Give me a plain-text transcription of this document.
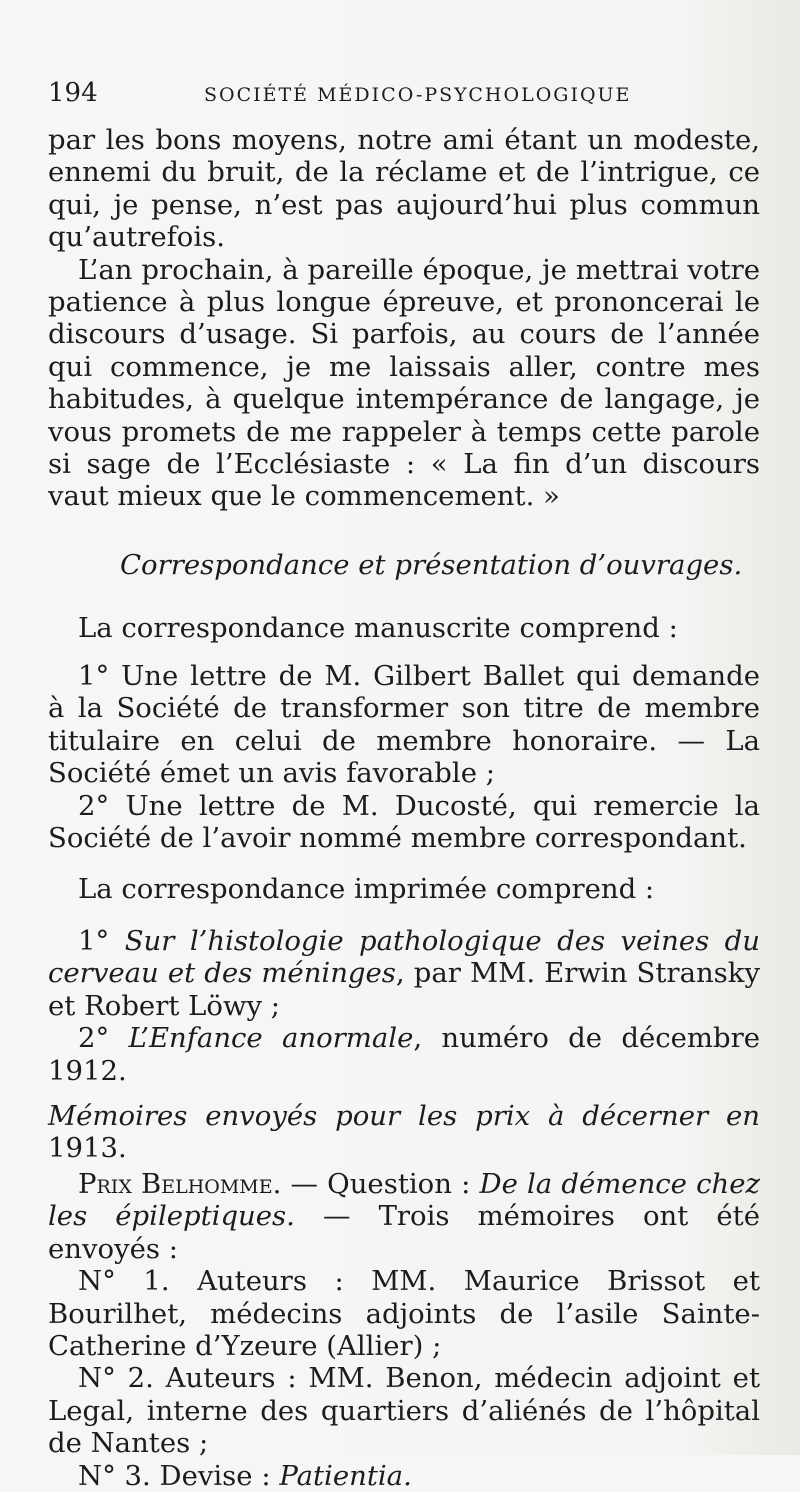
194	SOCIÉTÉ MÉDICO-PSYCHOLOGIQUE

par les bons moyens, notre ami étant un modeste, ennemi du bruit, de la réclame et de l’intrigue, ce qui, je pense, n’est pas aujourd’hui plus commun qu’autrefois.

L’an prochain, à pareille époque, je mettrai votre patience à plus longue épreuve, et prononcerai le discours d’usage. Si parfois, au cours de l’année qui commence, je me laissais aller, contre mes habitudes, à quelque intempérance de langage, je vous promets de me rappeler à temps cette parole si sage de l’Ecclésiaste : « La fin d’un discours vaut mieux que le commencement. »

Correspondance et présentation d’ouvrages.

La correspondance manuscrite comprend :

1° Une lettre de M. Gilbert Ballet qui demande à la Société de transformer son titre de membre titulaire en celui de membre honoraire. — La Société émet un avis favorable ;

2° Une lettre de M. Ducosté, qui remercie la Société de l’avoir nommé membre correspondant.

La correspondance imprimée comprend :

1° Sur l’histologie pathologique des veines du cerveau et des méninges, par MM. Erwin Stransky et Robert Löwy ;

2° L’Enfance anormale, numéro de décembre 1912.

Mémoires envoyés pour les prix à décerner en 1913.

Prix Belhomme. — Question : De la démence chez les épileptiques. — Trois mémoires ont été envoyés :

N° 1. Auteurs : MM. Maurice Brissot et Bourilhet, médecins adjoints de l’asile Sainte-Catherine d’Yzeure (Allier) ;

N° 2. Auteurs : MM. Benon, médecin adjoint et Legal, interne des quartiers d’aliénés de l’hôpital de Nantes ;

N° 3. Devise : Patientia.
